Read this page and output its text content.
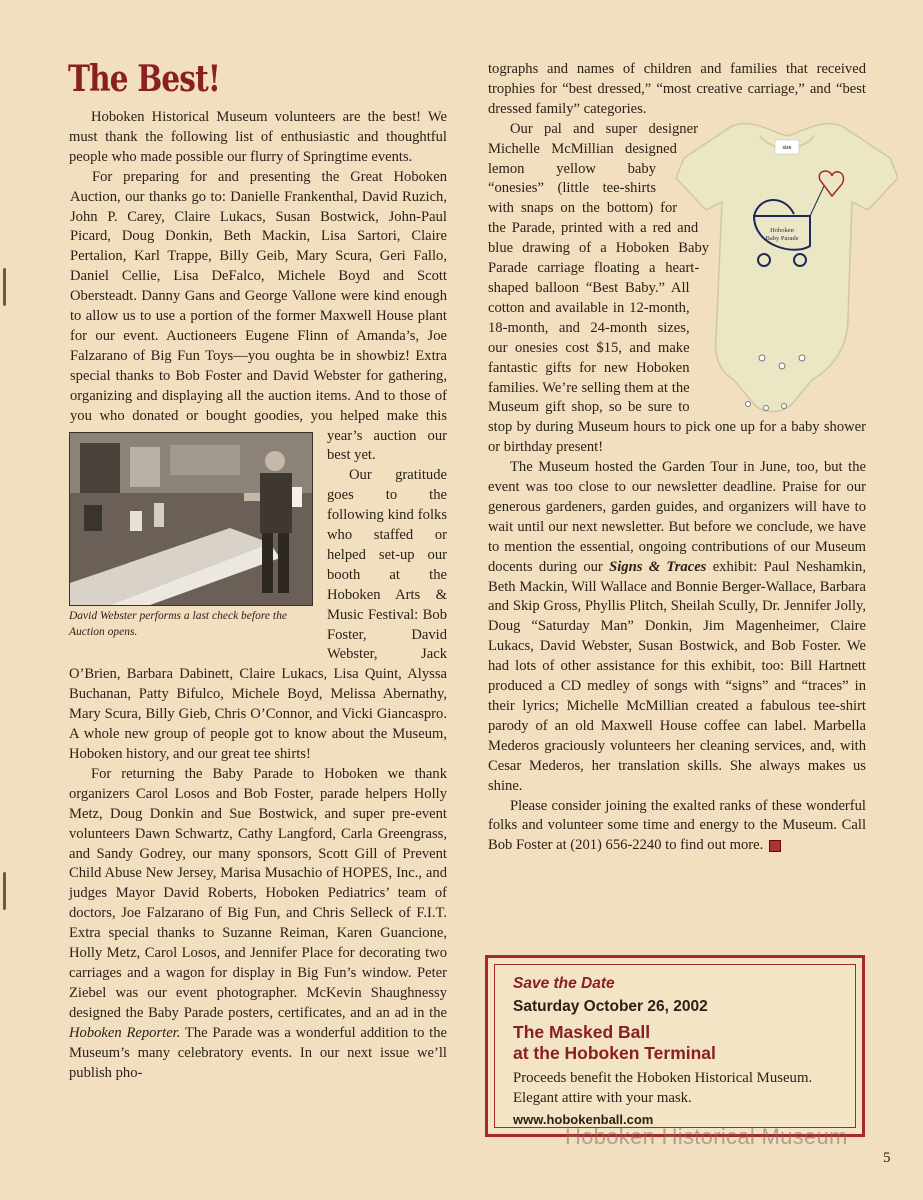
The Best!

Hoboken Historical Museum volunteers are the best! We must thank the following list of enthusiastic and thoughtful people who made possible our flurry of Springtime events.

For preparing for and presenting the Great Hoboken Auction, our thanks go to: Danielle Frankenthal, David Ruzich, John P. Carey, Claire Lukacs, Susan Bostwick, John-Paul Picard, Doug Donkin, Beth Mackin, Lisa Sartori, Claire Pertalion, Karl Trappe, Billy Geib, Mary Scura, Geri Fallo, Daniel Cellie, Lisa DeFalco, Michele Boyd and Scott Obersteadt. Danny Gans and George Vallone were kind enough to allow us to use a portion of the former Maxwell House plant for our event. Auctioneers Eugene Flinn of Amanda’s, Joe Falzarano of Big Fun Toys—you oughta be in showbiz! Extra special thanks to Bob Foster and David Webster for gathering, organizing and displaying all the auction items. And to those of you who donated or bought goodies, you helped make this year’s auction our best yet.

Our gratitude goes to the following kind folks who staffed or helped set-up our booth at the Hoboken Arts & Music Festival: Bob Foster, David Webster, Jack O’Brien, Barbara Dabinett, Claire Lukacs, Lisa Quint, Alyssa Buchanan, Patty Bifulco, Michele Boyd, Melissa Abernathy, Mary Scura, Billy Gieb, Chris O’Connor, and Vicki Giancaspro. A whole new group of people got to know about the Museum, Hoboken history, and our great tee shirts!

For returning the Baby Parade to Hoboken we thank organizers Carol Losos and Bob Foster, parade helpers Holly Metz, Doug Donkin and Sue Bostwick, and super pre-event volunteers Dawn Schwartz, Cathy Langford, Carla Greengrass, and Sandy Godrey, our many sponsors, Scott Gill of Prevent Child Abuse New Jersey, Marisa Musachio of HOPES, Inc., and judges Mayor David Roberts, Hoboken Pediatrics’ team of doctors, Joe Falzarano of Big Fun, and Chris Selleck of F.I.T. Extra special thanks to Suzanne Reiman, Karen Guancione, Holly Metz, Carol Losos, and Jennifer Place for decorating two carriages and a wagon for display in Big Fun’s window. Peter Ziebel was our event photographer. McKevin Shaughnessy designed the Baby Parade posters, certificates, and an ad in the Hoboken Reporter. The Parade was a wonderful addition to the Museum’s many celebratory events. In our next issue we’ll publish pho-

David Webster performs a last check before the Auction opens.

tographs and names of children and families that received trophies for “best dressed,” “most creative carriage,” and “best dressed family” categories.

size
Hoboken
Baby Parade

Our pal and super designer Michelle McMillian designed lemon yellow baby “onesies” (little tee-shirts with snaps on the bottom) for the Parade, printed with a red and blue drawing of a Hoboken Baby Parade carriage floating a heart-shaped balloon “Best Baby.” All cotton and available in 12-month, 18-month, and 24-month sizes, our onesies cost $15, and make fantastic gifts for new Hoboken families. We’re selling them at the Museum gift shop, so be sure to stop by during Museum hours to pick one up for a baby shower or birthday present!

The Museum hosted the Garden Tour in June, too, but the event was too close to our newsletter deadline. Praise for our generous gardeners, garden guides, and organizers will have to wait until our next newsletter. But before we conclude, we have to mention the essential, ongoing contributions of our Museum docents during our Signs & Traces exhibit: Paul Neshamkin, Beth Mackin, Will Wallace and Bonnie Berger-Wallace, Barbara and Skip Gross, Phyllis Plitch, Sheilah Scully, Dr. Jennifer Jolly, Doug “Saturday Man” Donkin, Jim Magenheimer, Claire Lukacs, David Webster, Susan Bostwick, and Bob Foster. We had lots of other assistance for this exhibit, too: Bill Hartnett produced a CD medley of songs with “signs” and “traces” in their lyrics; Michelle McMillian created a fabulous tee-shirt parody of an old Maxwell House coffee can label. Marbella Mederos graciously volunteers her cleaning services, and, with Cesar Mederos, her translation skills. She always makes us shine.

Please consider joining the exalted ranks of these wonderful folks and volunteer some time and energy to the Museum. Call Bob Foster at (201) 656-2240 to find out more.

Save the Date
Saturday October 26, 2002
The Masked Ball
at the Hoboken Terminal
Proceeds benefit the Hoboken Historical Museum.
Elegant attire with your mask.
www.hobokenball.com
Hoboken Historical Museum
5
